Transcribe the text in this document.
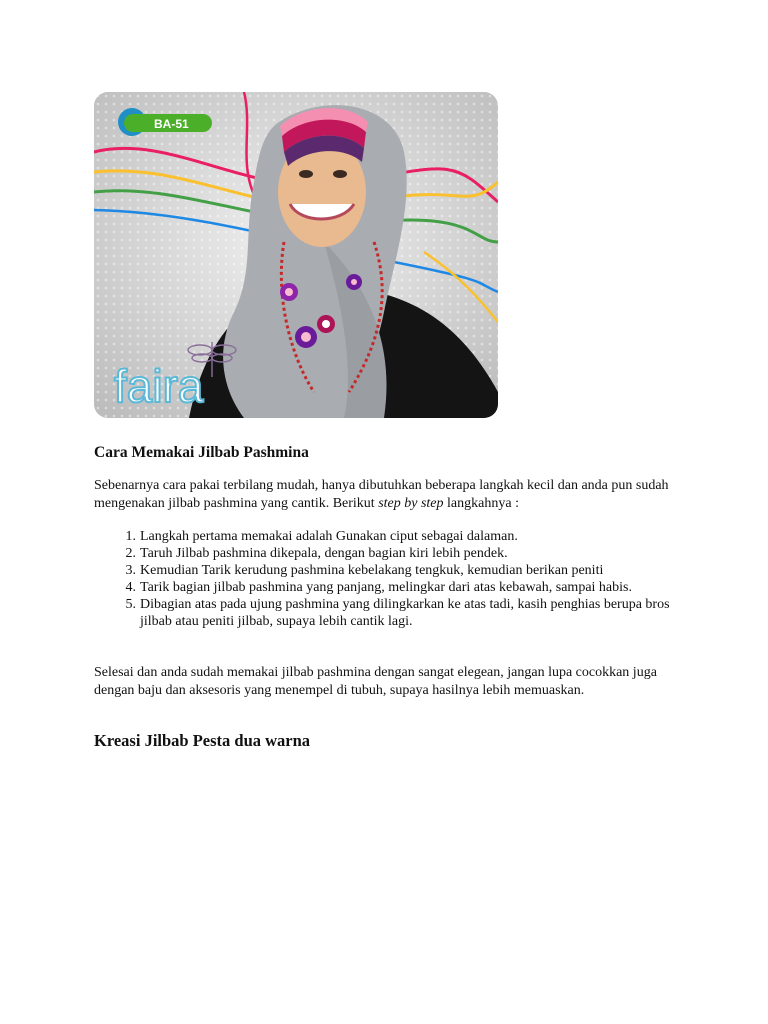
BA-51
faira
Cara Memakai Jilbab Pashmina

Sebenarnya cara pakai terbilang mudah, hanya dibutuhkan beberapa langkah kecil dan anda pun sudah mengenakan jilbab pashmina yang cantik. Berikut step by step langkahnya :

1. Langkah pertama memakai adalah Gunakan ciput sebagai dalaman.
2. Taruh Jilbab pashmina dikepala, dengan bagian kiri lebih pendek.
3. Kemudian Tarik kerudung pashmina kebelakang tengkuk, kemudian berikan peniti
4. Tarik bagian jilbab pashmina yang panjang, melingkar dari atas kebawah, sampai habis.
5. Dibagian atas pada ujung pashmina yang dilingkarkan ke atas tadi, kasih penghias berupa bros jilbab atau peniti jilbab, supaya lebih cantik lagi.

Selesai dan anda sudah memakai jilbab pashmina dengan sangat elegean, jangan lupa cocokkan juga dengan baju dan aksesoris yang menempel di tubuh, supaya hasilnya lebih memuaskan.

Kreasi Jilbab Pesta dua warna
